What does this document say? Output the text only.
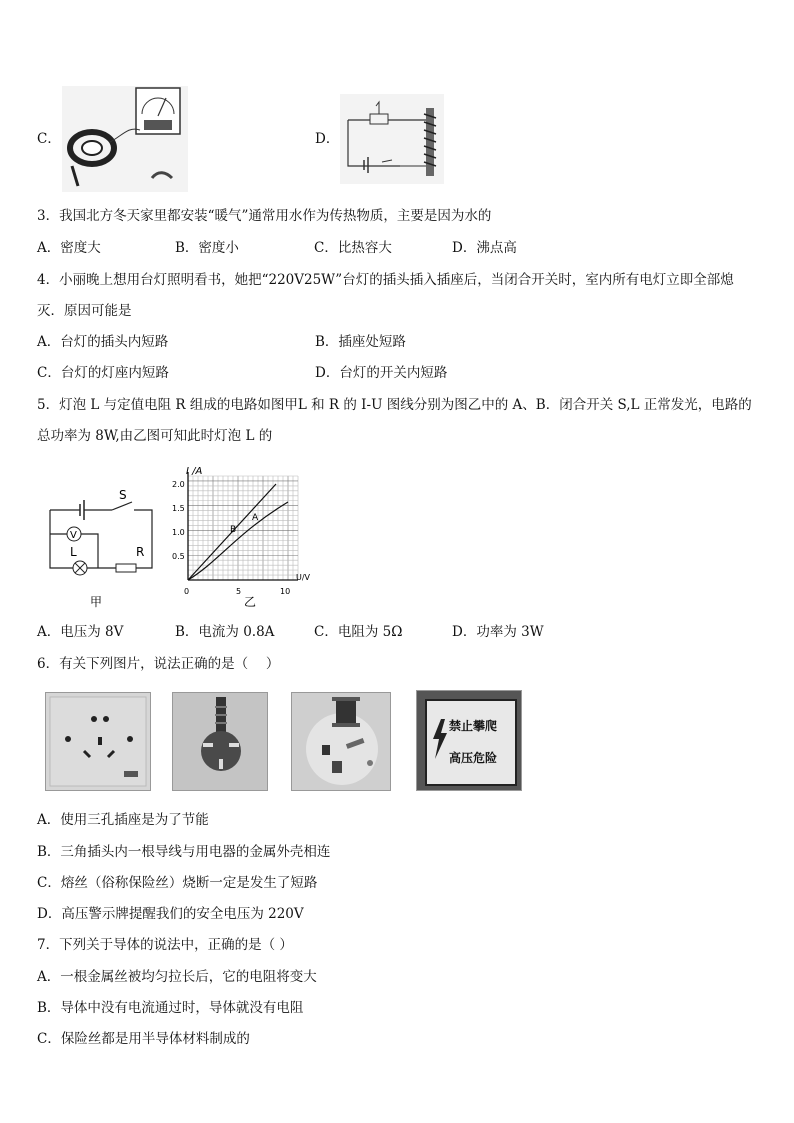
C．	D．
3．我国北方冬天家里都安装“暖气”通常用水作为传热物质，主要是因为水的
A．密度大	B．密度小	C．比热容大	D．沸点高
4．小丽晚上想用台灯照明看书，她把“220V25W”台灯的插头插入插座后，当闭合开关时，室内所有电灯立即全部熄
灭．原因可能是
A．台灯的插头内短路	B．插座处短路
C．台灯的灯座内短路	D．台灯的开关内短路
5．灯泡 L 与定值电阻 R 组成的电路如图甲L 和 R 的 I-U 图线分别为图乙中的 A、B．闭合开关 S,L 正常发光，电路的
总功率为 8W,由乙图可知此时灯泡 L 的
S
V
L	R
甲
A
B
I /A
U/V
2.0
1.5
1.0
0.5
0	5	10
乙
A．电压为 8V	B．电流为 0.8A	C．电阻为 5Ω	D．功率为 3W
6．有关下列图片，说法正确的是（　 ）
禁止攀爬
高压危险
A．使用三孔插座是为了节能
B．三角插头内一根导线与用电器的金属外壳相连
C．熔丝（俗称保险丝）烧断一定是发生了短路
D．高压警示牌提醒我们的安全电压为 220V
7．下列关于导体的说法中，正确的是（ ）
A．一根金属丝被均匀拉长后，它的电阻将变大
B．导体中没有电流通过时，导体就没有电阻
C．保险丝都是用半导体材料制成的
